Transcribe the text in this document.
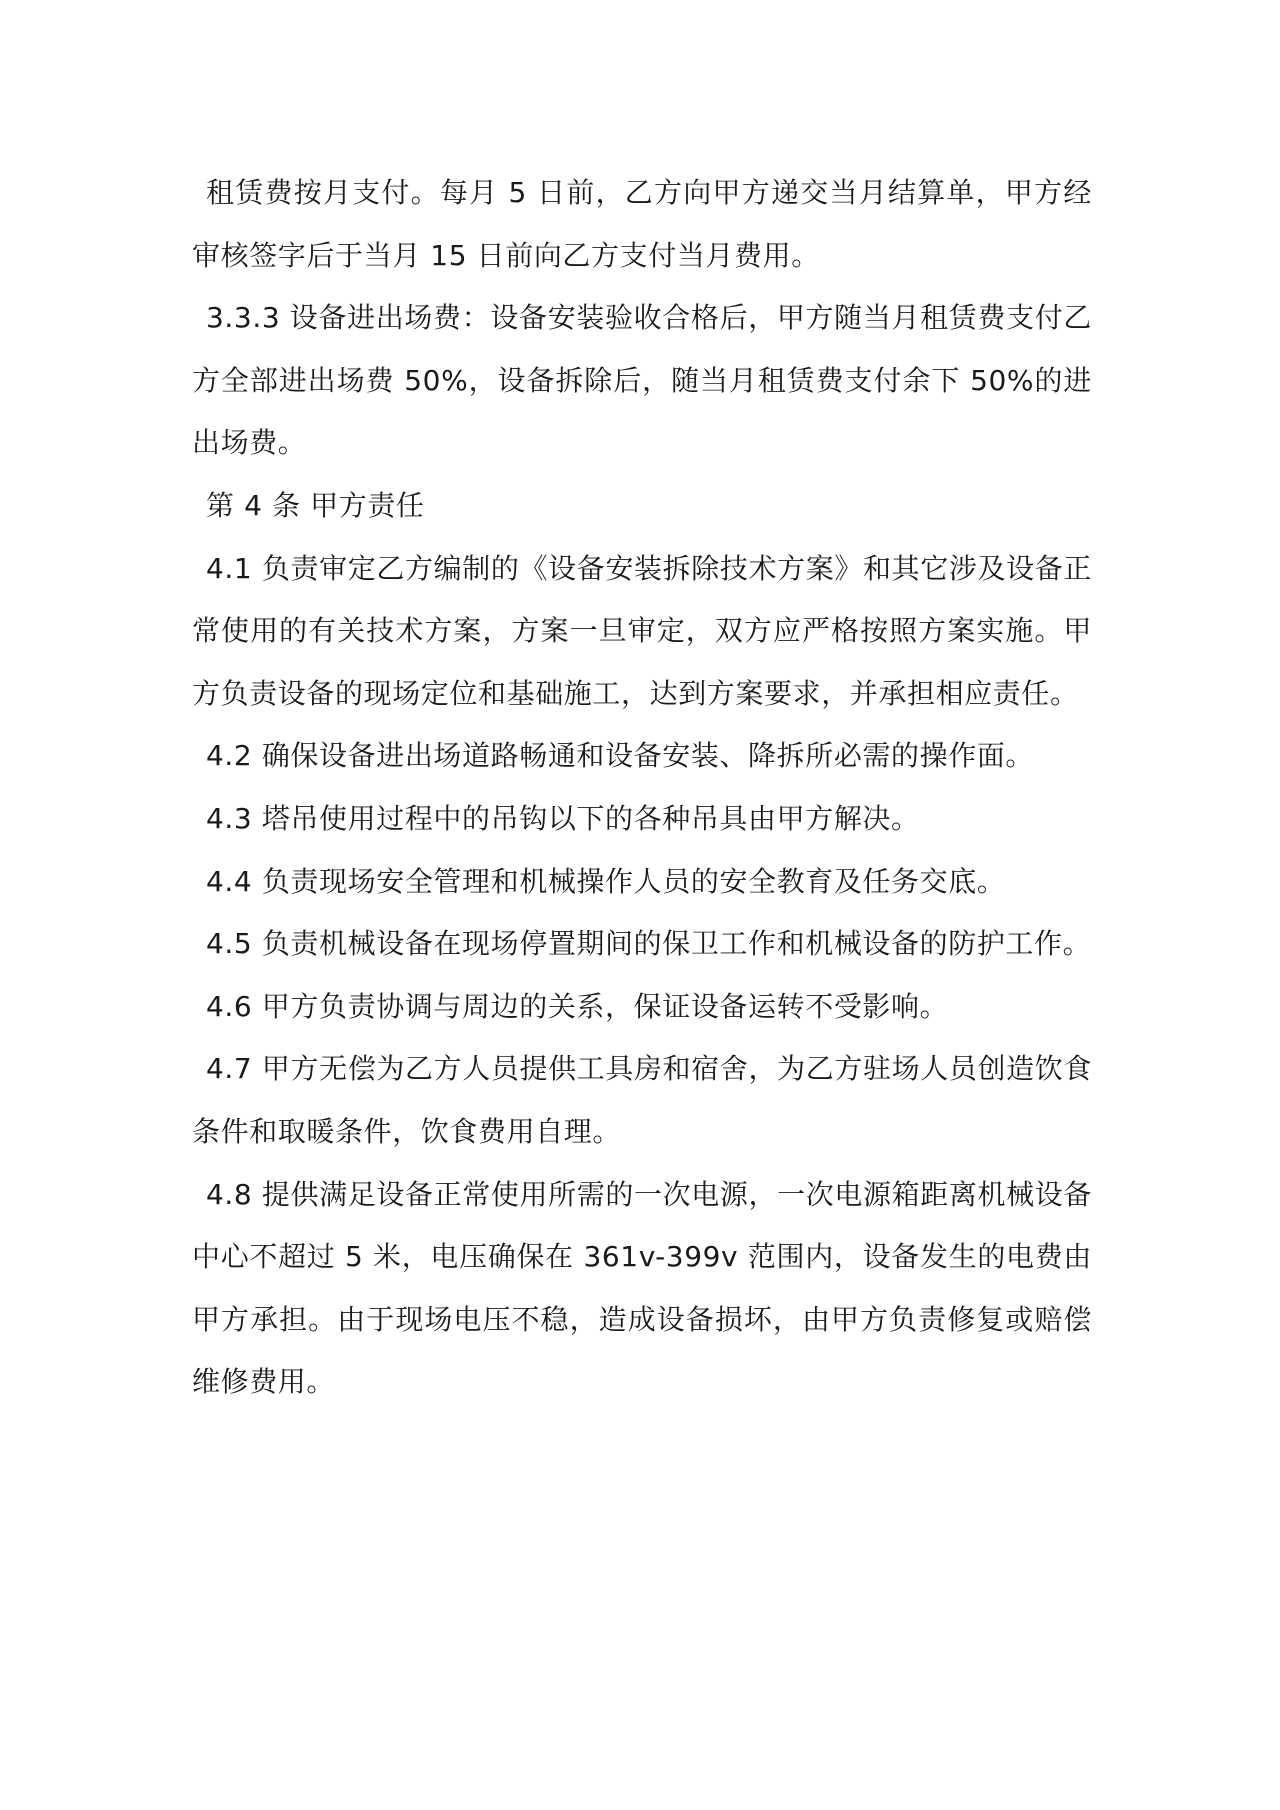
租赁费按月支付。每月 5 日前，乙方向甲方递交当月结算单，甲方经审核签字后于当月 15 日前向乙方支付当月费用。

3.3.3 设备进出场费：设备安装验收合格后，甲方随当月租赁费支付乙方全部进出场费 50%，设备拆除后，随当月租赁费支付余下 50%的进出场费。

第 4 条 甲方责任

4.1 负责审定乙方编制的《设备安装拆除技术方案》和其它涉及设备正常使用的有关技术方案，方案一旦审定，双方应严格按照方案实施。甲方负责设备的现场定位和基础施工，达到方案要求，并承担相应责任。

4.2 确保设备进出场道路畅通和设备安装、降拆所必需的操作面。

4.3 塔吊使用过程中的吊钩以下的各种吊具由甲方解决。

4.4 负责现场安全管理和机械操作人员的安全教育及任务交底。

4.5 负责机械设备在现场停置期间的保卫工作和机械设备的防护工作。

4.6 甲方负责协调与周边的关系，保证设备运转不受影响。

4.7 甲方无偿为乙方人员提供工具房和宿舍，为乙方驻场人员创造饮食条件和取暖条件，饮食费用自理。

4.8 提供满足设备正常使用所需的一次电源，一次电源箱距离机械设备中心不超过 5 米，电压确保在 361v-399v 范围内，设备发生的电费由甲方承担。由于现场电压不稳，造成设备损坏，由甲方负责修复或赔偿维修费用。
